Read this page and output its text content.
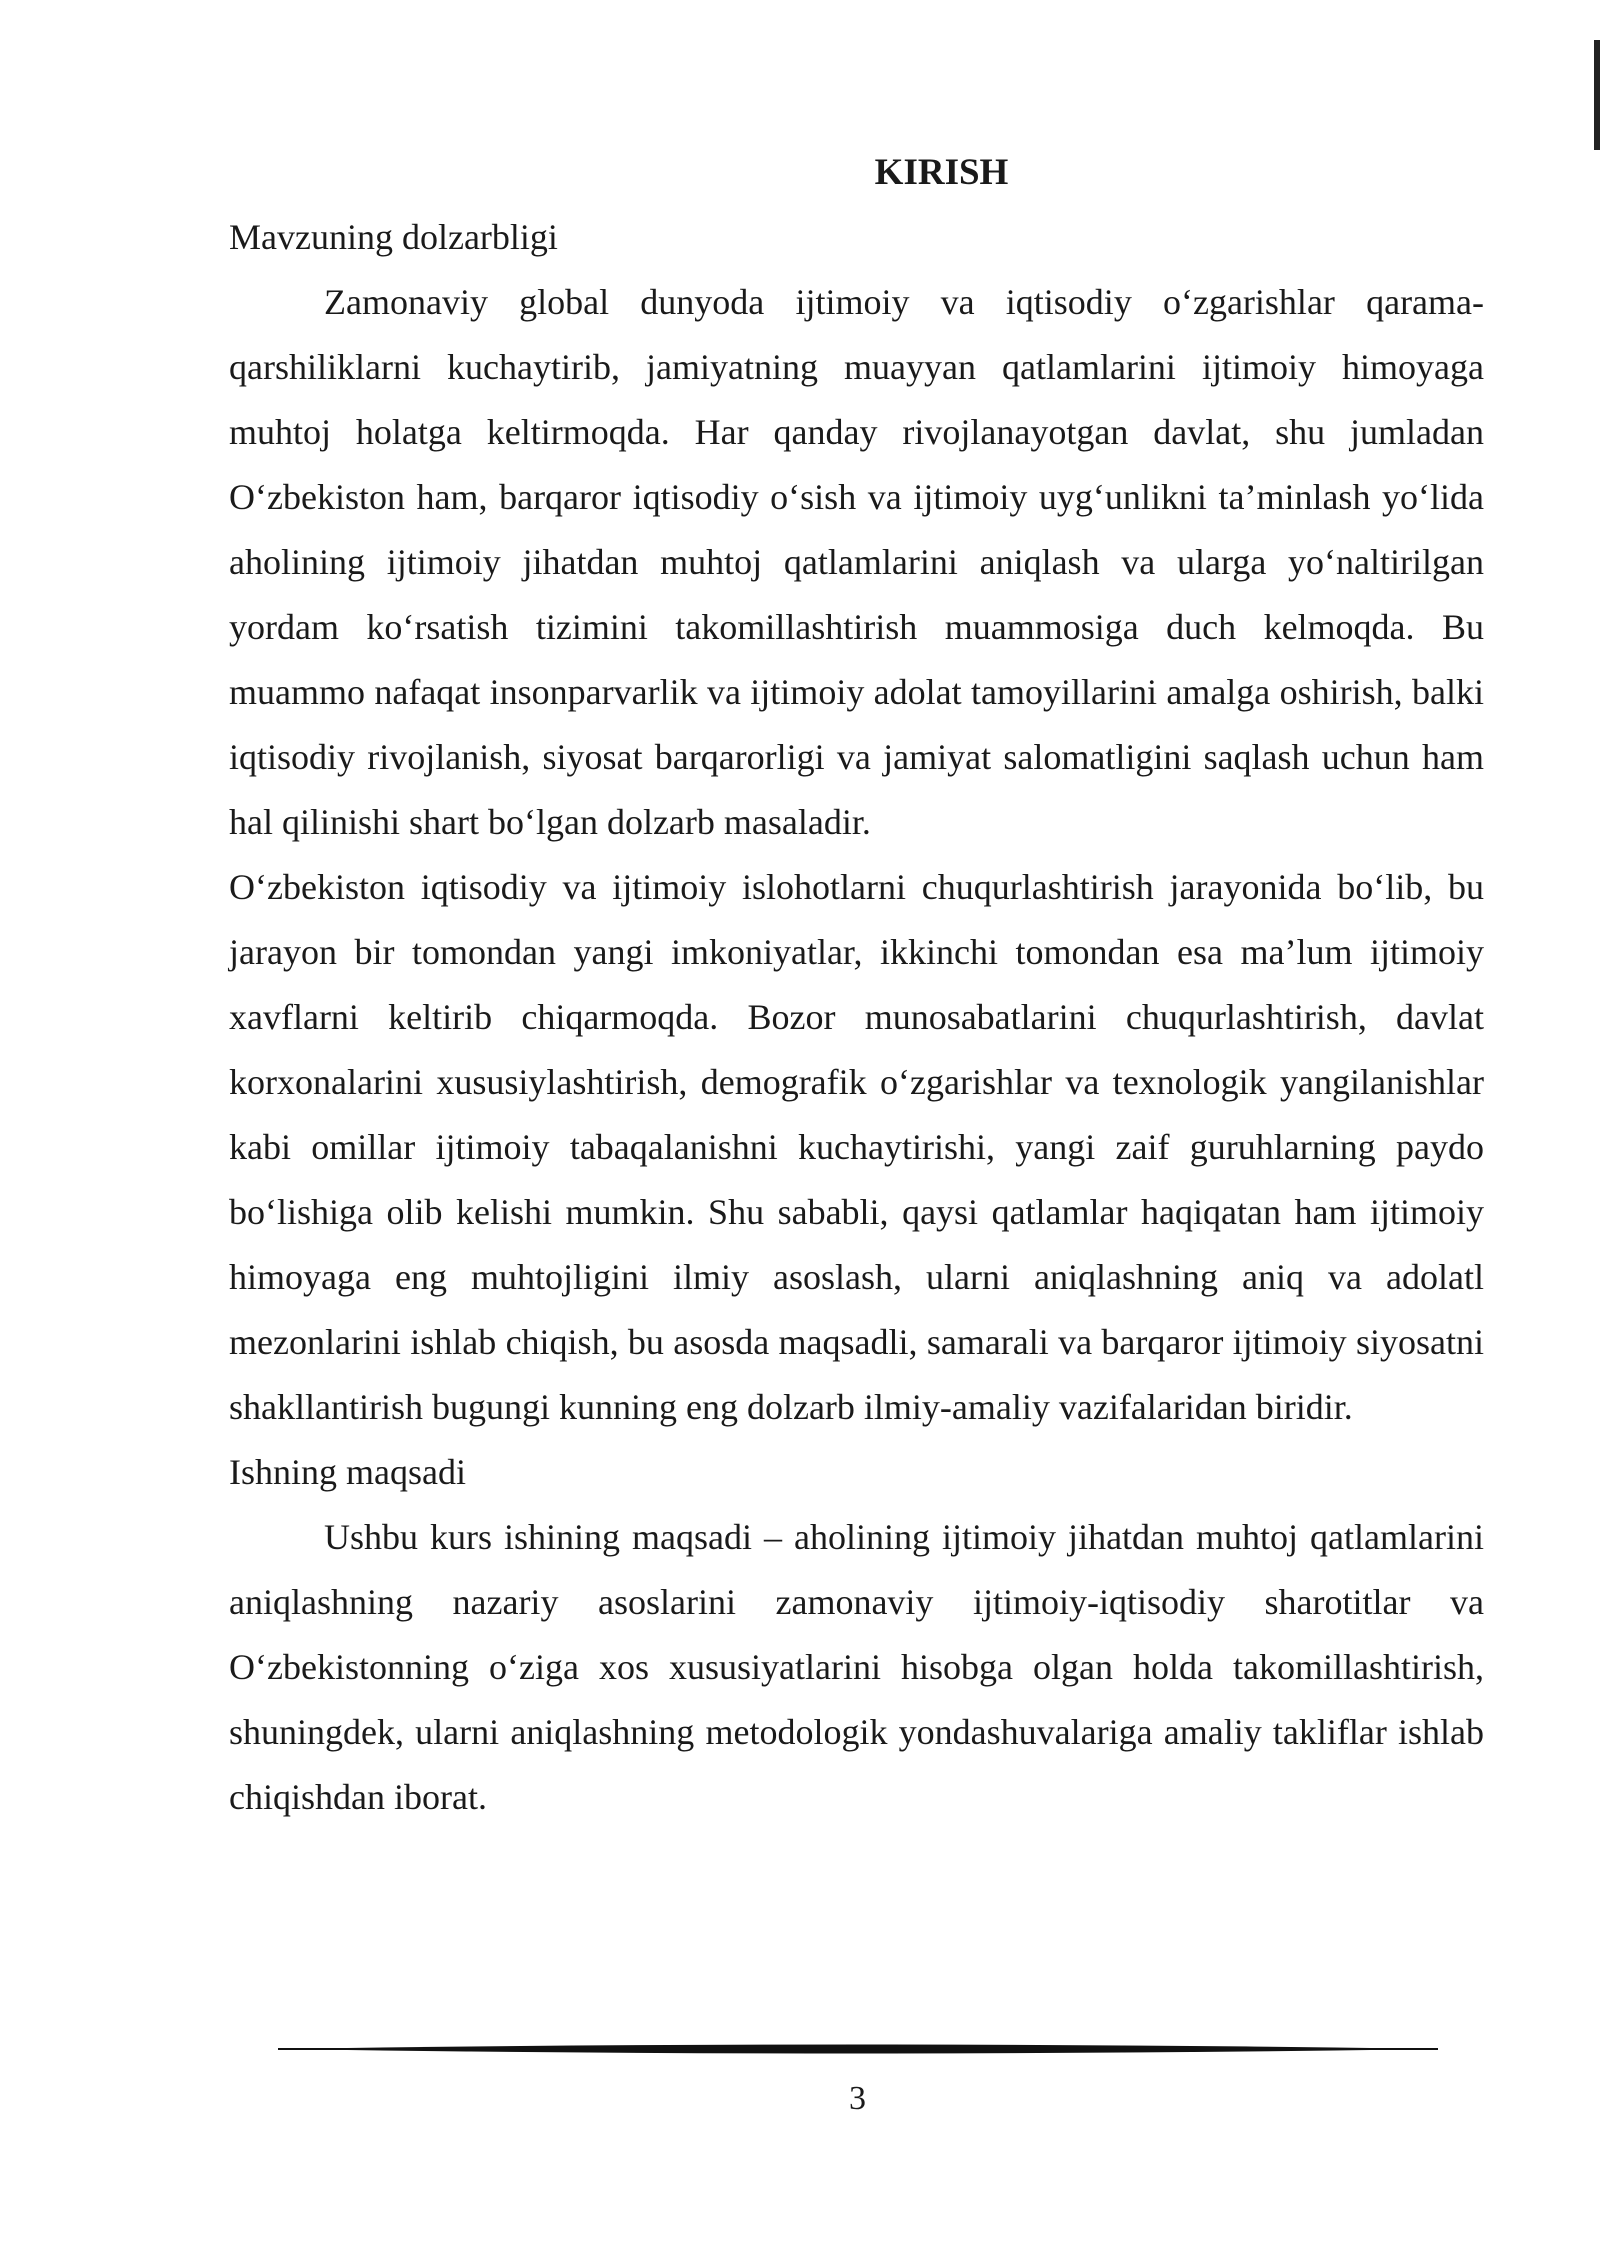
KIRISH

Mavzuning dolzarbligi

Zamonaviy global dunyoda ijtimoiy va iqtisodiy o‘zgarishlar qarama-qarshiliklarni kuchaytirib, jamiyatning muayyan qatlamlarini ijtimoiy himoyaga muhtoj holatga keltirmoqda. Har qanday rivojlanayotgan davlat, shu jumladan O‘zbekiston ham, barqaror iqtisodiy o‘sish va ijtimoiy uyg‘unlikni ta’minlash yo‘lida aholining ijtimoiy jihatdan muhtoj qatlamlarini aniqlash va ularga yo‘naltirilgan yordam ko‘rsatish tizimini takomillashtirish muammosiga duch kelmoqda. Bu muammo nafaqat insonparvarlik va ijtimoiy adolat tamoyillarini amalga oshirish, balki iqtisodiy rivojlanish, siyosat barqarorligi va jamiyat salomatligini saqlash uchun ham hal qilinishi shart bo‘lgan dolzarb masaladir.

O‘zbekiston iqtisodiy va ijtimoiy islohotlarni chuqurlashtirish jarayonida bo‘lib, bu jarayon bir tomondan yangi imkoniyatlar, ikkinchi tomondan esa ma’lum ijtimoiy xavflarni keltirib chiqarmoqda. Bozor munosabatlarini chuqurlashtirish, davlat korxonalarini xususiylashtirish, demografik o‘zgarishlar va texnologik yangilanishlar kabi omillar ijtimoiy tabaqalanishni kuchaytirishi, yangi zaif guruhlarning paydo bo‘lishiga olib kelishi mumkin. Shu sababli, qaysi qatlamlar haqiqatan ham ijtimoiy himoyaga eng muhtojligini ilmiy asoslash, ularni aniqlashning aniq va adolatl mezonlarini ishlab chiqish, bu asosda maqsadli, samarali va barqaror ijtimoiy siyosatni shakllantirish bugungi kunning eng dolzarb ilmiy-amaliy vazifalaridan biridir.

Ishning maqsadi

Ushbu kurs ishining maqsadi – aholining ijtimoiy jihatdan muhtoj qatlamlarini aniqlashning nazariy asoslarini zamonaviy ijtimoiy-iqtisodiy sharotitlar va O‘zbekistonning o‘ziga xos xususiyatlarini hisobga olgan holda takomillashtirish, shuningdek, ularni aniqlashning metodologik yondashuvalariga amaliy takliflar ishlab chiqishdan iborat.

3
